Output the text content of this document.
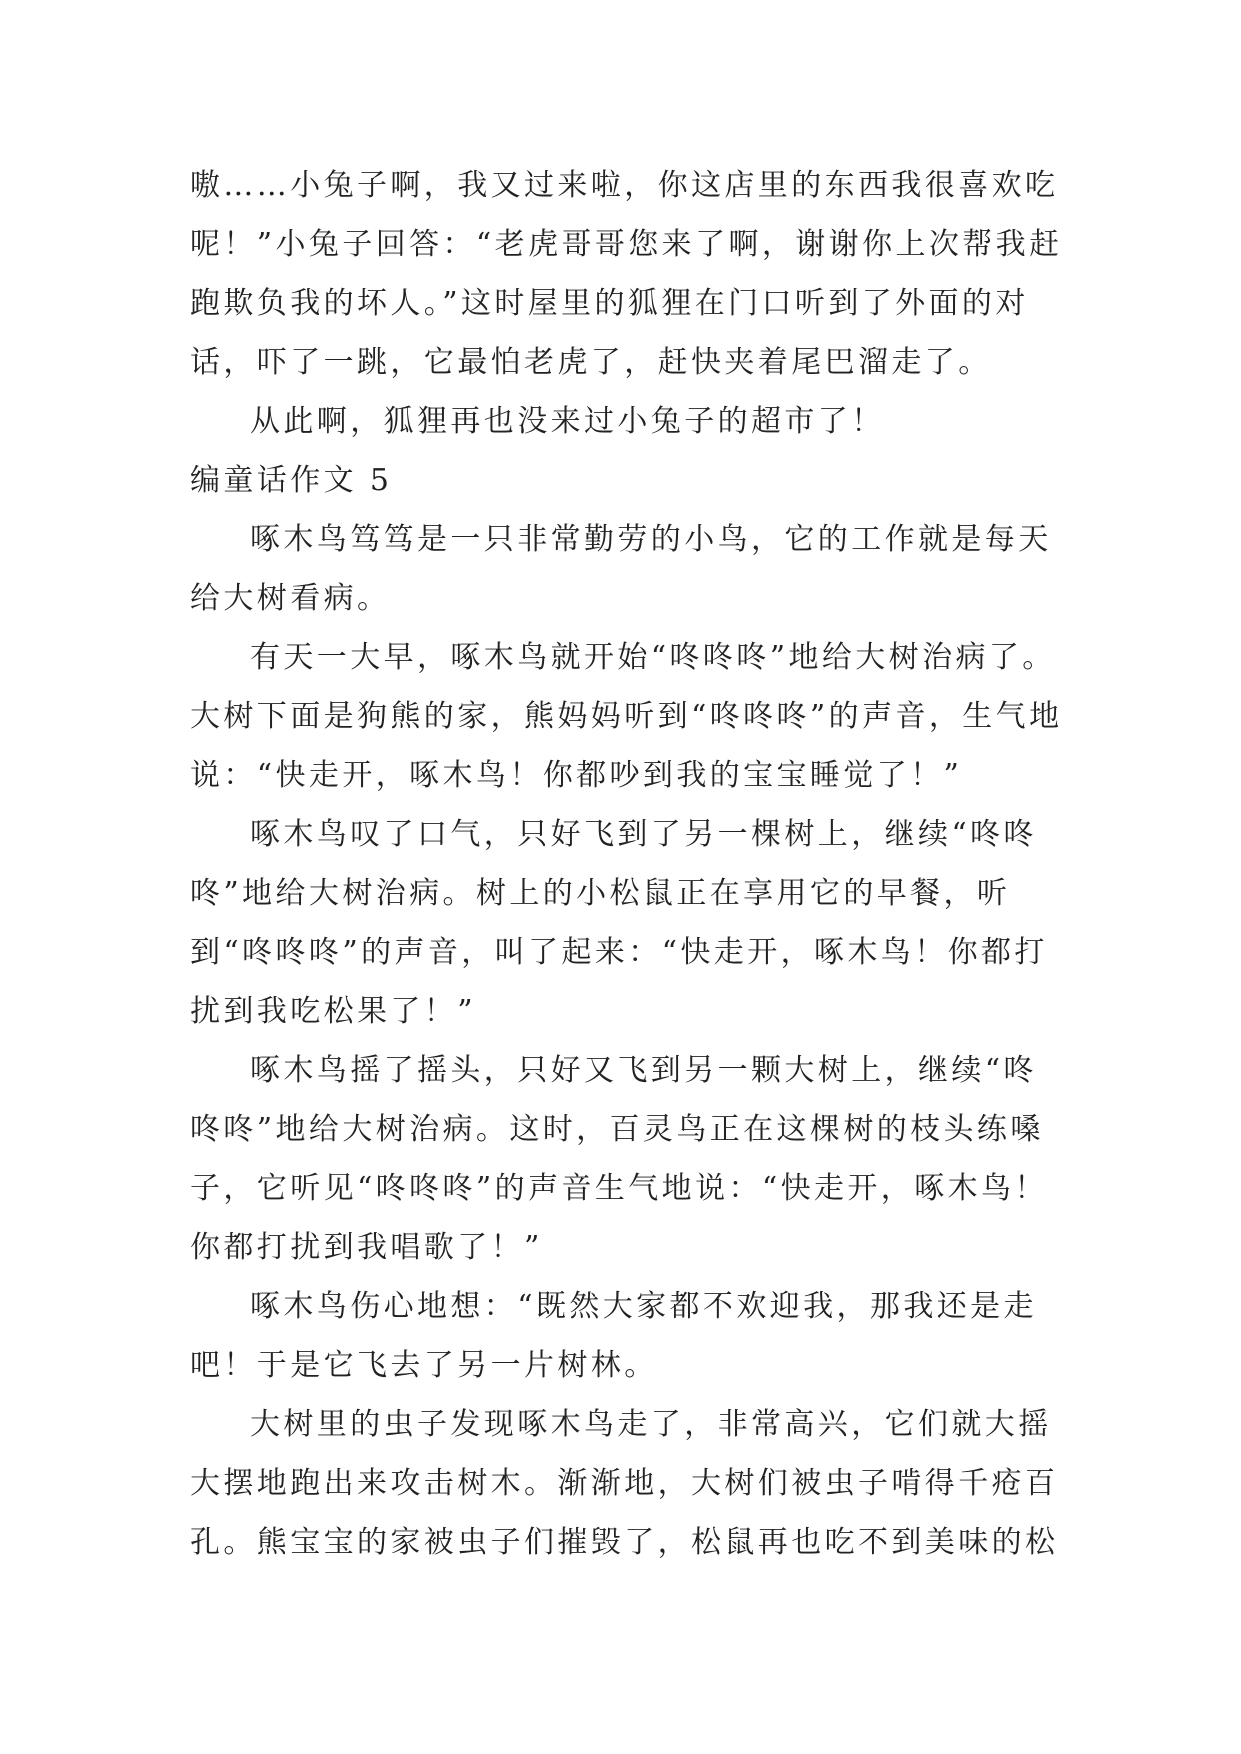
嗷……小兔子啊，我又过来啦，你这店里的东西我很喜欢吃呢！”小兔子回答：“老虎哥哥您来了啊，谢谢你上次帮我赶跑欺负我的坏人。”这时屋里的狐狸在门口听到了外面的对话，吓了一跳，它最怕老虎了，赶快夹着尾巴溜走了。

从此啊，狐狸再也没来过小兔子的超市了！

编童话作文 5

啄木鸟笃笃是一只非常勤劳的小鸟，它的工作就是每天给大树看病。

有天一大早，啄木鸟就开始“咚咚咚”地给大树治病了。大树下面是狗熊的家，熊妈妈听到“咚咚咚”的声音，生气地说：“快走开，啄木鸟！你都吵到我的宝宝睡觉了！”

啄木鸟叹了口气，只好飞到了另一棵树上，继续“咚咚咚”地给大树治病。树上的小松鼠正在享用它的早餐，听到“咚咚咚”的声音，叫了起来：“快走开，啄木鸟！你都打扰到我吃松果了！”

啄木鸟摇了摇头，只好又飞到另一颗大树上，继续“咚咚咚”地给大树治病。这时，百灵鸟正在这棵树的枝头练嗓子，它听见“咚咚咚”的声音生气地说：“快走开，啄木鸟！你都打扰到我唱歌了！”

啄木鸟伤心地想：“既然大家都不欢迎我，那我还是走吧！于是它飞去了另一片树林。

大树里的虫子发现啄木鸟走了，非常高兴，它们就大摇大摆地跑出来攻击树木。渐渐地，大树们被虫子啃得千疮百孔。熊宝宝的家被虫子们摧毁了，松鼠再也吃不到美味的松
